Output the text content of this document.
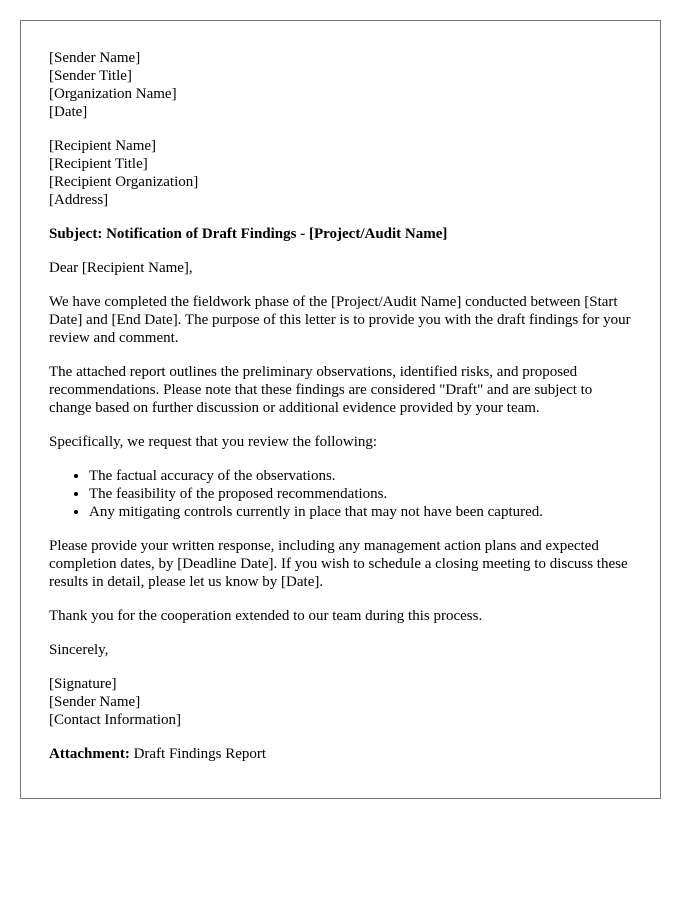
[Sender Name]
[Sender Title]
[Organization Name]
[Date]
[Recipient Name]
[Recipient Title]
[Recipient Organization]
[Address]

Subject: Notification of Draft Findings - [Project/Audit Name]

Dear [Recipient Name],

We have completed the fieldwork phase of the [Project/Audit Name] conducted between [Start Date] and [End Date]. The purpose of this letter is to provide you with the draft findings for your review and comment.

The attached report outlines the preliminary observations, identified risks, and proposed recommendations. Please note that these findings are considered "Draft" and are subject to change based on further discussion or additional evidence provided by your team.

Specifically, we request that you review the following:

• The factual accuracy of the observations.
• The feasibility of the proposed recommendations.
• Any mitigating controls currently in place that may not have been captured.

Please provide your written response, including any management action plans and expected completion dates, by [Deadline Date]. If you wish to schedule a closing meeting to discuss these results in detail, please let us know by [Date].

Thank you for the cooperation extended to our team during this process.

Sincerely,

[Signature]
[Sender Name]
[Contact Information]

Attachment: Draft Findings Report
